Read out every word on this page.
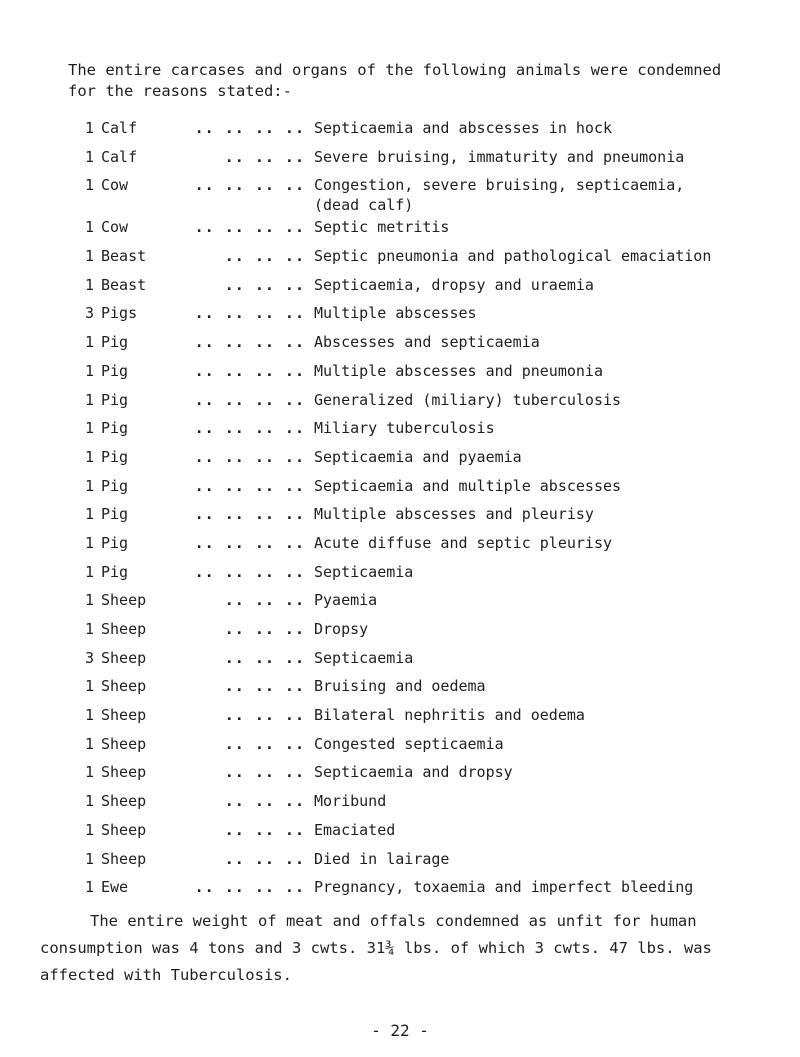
The entire carcases and organs of the following animals were condemned

for the reasons stated:-
1 Calf	.. .. .. .. Septicaemia and abscesses in hock
1 Calf	.. .. .. Severe bruising, immaturity and pneumonia
1 Cow	.. .. .. .. Congestion, severe bruising, septicaemia,
(dead calf)
1 Cow	.. .. .. .. Septic metritis
1 Beast	.. .. .. Septic pneumonia and pathological emaciation
1 Beast	.. .. .. Septicaemia, dropsy and uraemia
3 Pigs	.. .. .. .. Multiple abscesses
1 Pig	.. .. .. .. Abscesses and septicaemia
1 Pig	.. .. .. .. Multiple abscesses and pneumonia
1 Pig	.. .. .. .. Generalized (miliary) tuberculosis
1 Pig	.. .. .. .. Miliary tuberculosis
1 Pig	.. .. .. .. Septicaemia and pyaemia
1 Pig	.. .. .. .. Septicaemia and multiple abscesses
1 Pig	.. .. .. .. Multiple abscesses and pleurisy
1 Pig	.. .. .. .. Acute diffuse and septic pleurisy
1 Pig	.. .. .. .. Septicaemia
1 Sheep	.. .. .. Pyaemia
1 Sheep	.. .. .. Dropsy
3 Sheep	.. .. .. Septicaemia
1 Sheep	.. .. .. Bruising and oedema
1 Sheep	.. .. .. Bilateral nephritis and oedema
1 Sheep	.. .. .. Congested septicaemia
1 Sheep	.. .. .. Septicaemia and dropsy
1 Sheep	.. .. .. Moribund
1 Sheep	.. .. .. Emaciated
1 Sheep	.. .. .. Died in lairage
1 Ewe	.. .. .. .. Pregnancy, toxaemia and imperfect bleeding
The entire weight of meat and offals condemned as unfit for human
consumption was 4 tons and 3 cwts. 31¾ lbs. of which 3 cwts. 47 lbs. was
affected with Tuberculosis.
- 22 -
